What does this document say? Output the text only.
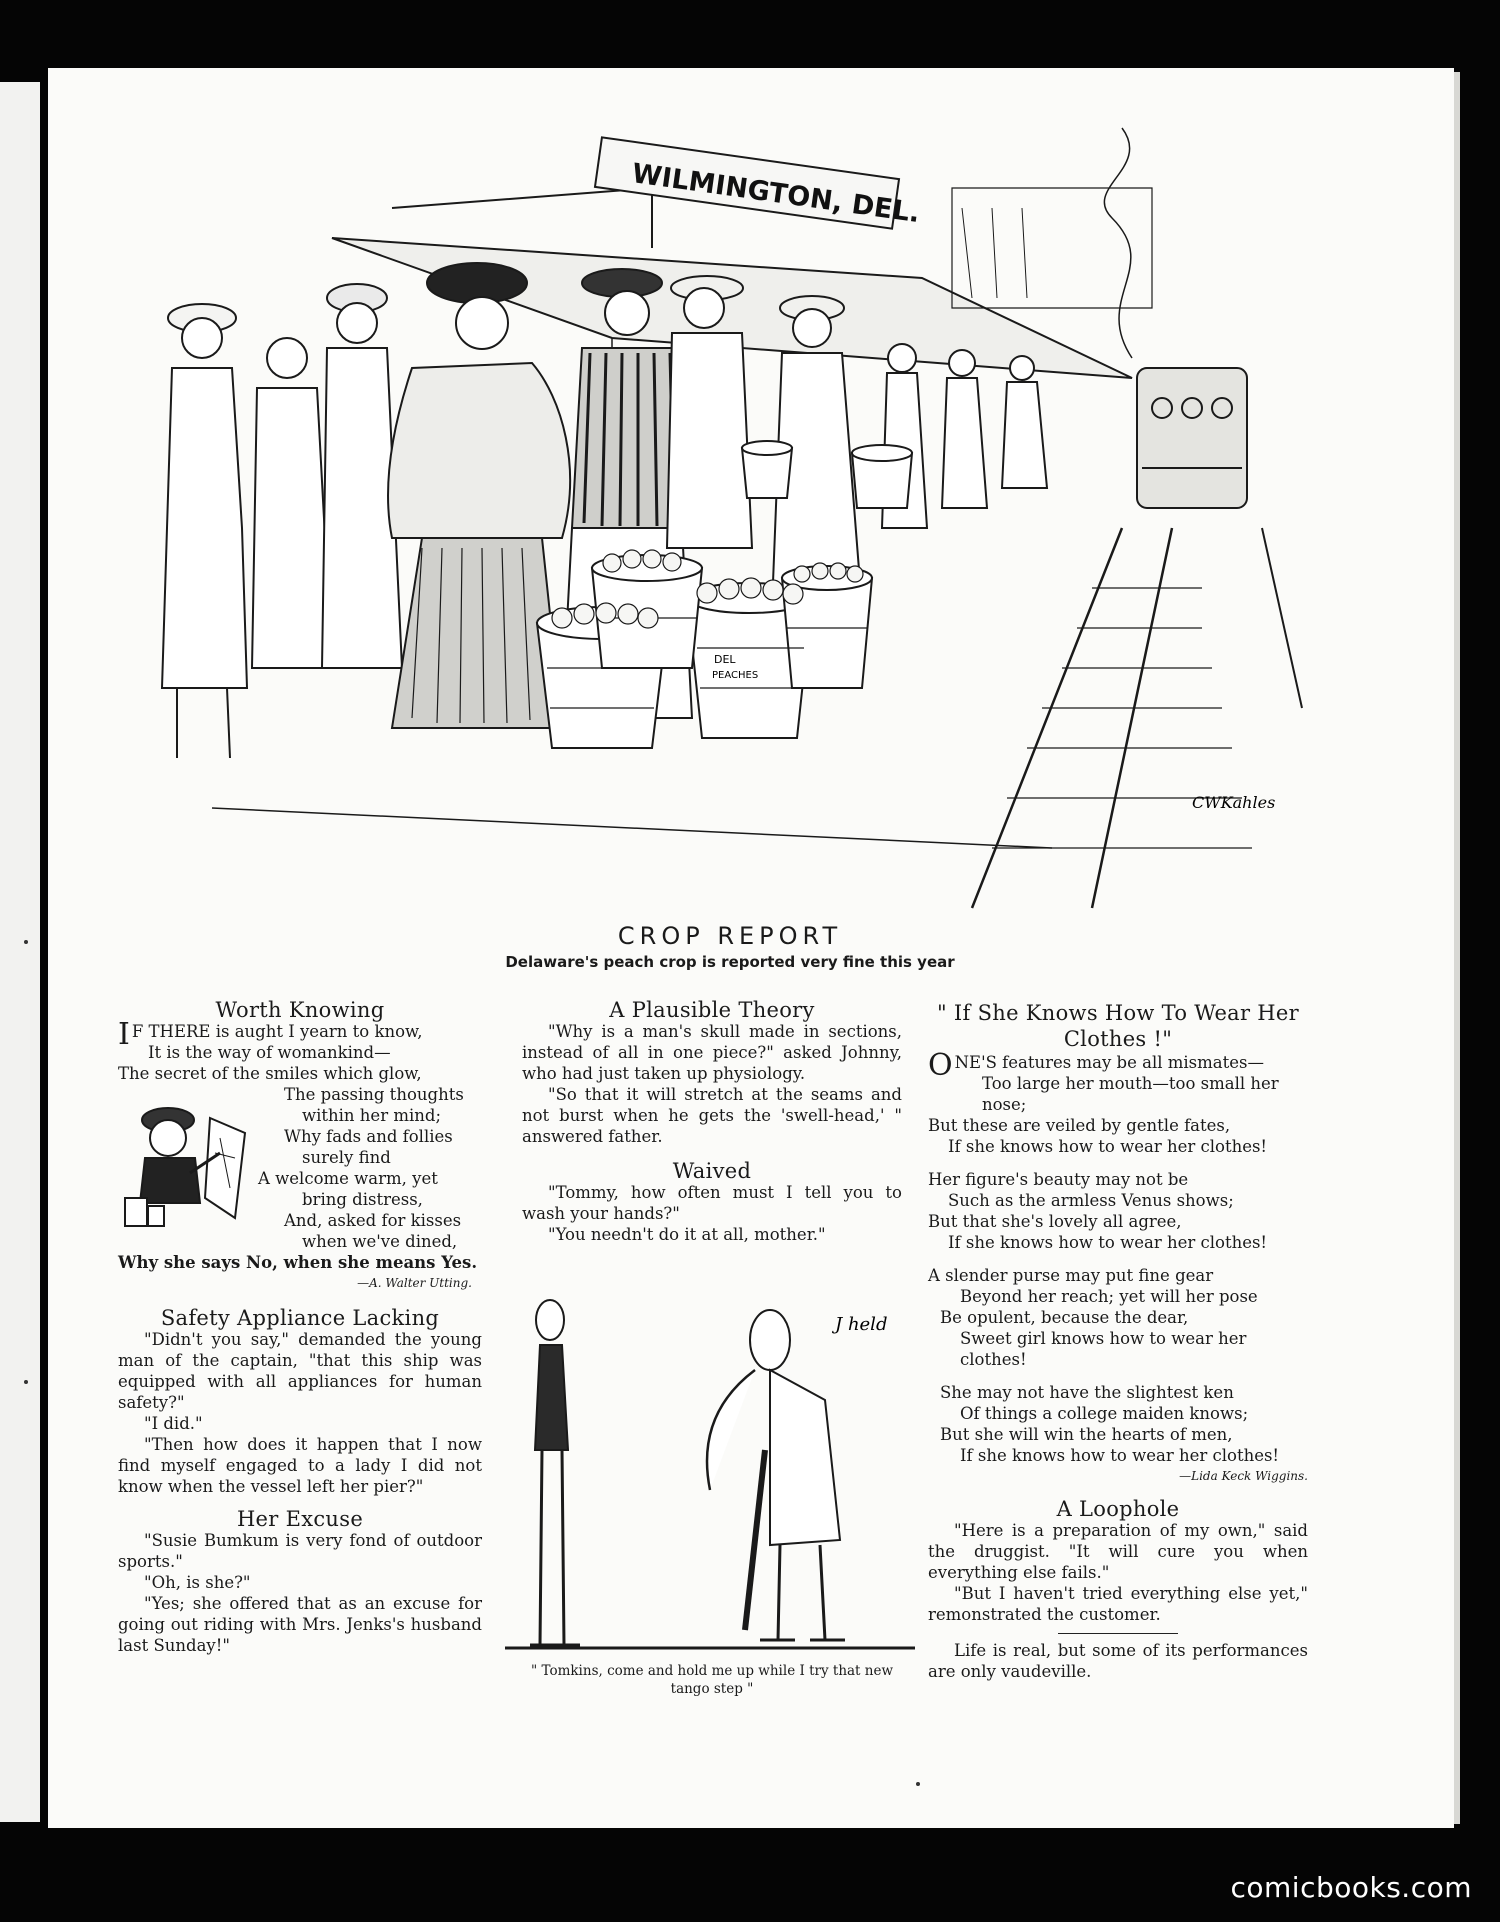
WILMINGTON, DEL.
DEL
PEACHES
CWKahles
CROP REPORT
Delaware's peach crop is reported very fine this year

Worth Knowing

I F THERE is aught I yearn to know,
It is the way of womankind—
The secret of the smiles which glow,
The passing thoughts
within her mind;
Why fads and follies
surely find
A welcome warm, yet
bring distress,
And, asked for kisses
when we've dined,
Why she says No, when she means Yes.
—A. Walter Utting.

Safety Appliance Lacking

"Didn't you say," demanded the young man of the captain, "that this ship was equipped with all appliances for human safety?"

"I did."

"Then how does it happen that I now find myself engaged to a lady I did not know when the vessel left her pier?"

Her Excuse

"Susie Bumkum is very fond of outdoor sports."

"Oh, is she?"

"Yes; she offered that as an excuse for going out riding with Mrs. Jenks's husband last Sunday!"

A Plausible Theory

"Why is a man's skull made in sections, instead of all in one piece?" asked Johnny, who had just taken up physiology.

"So that it will stretch at the seams and not burst when he gets the 'swell-head,' " answered father.

Waived

"Tommy, how often must I tell you to wash your hands?"

"You needn't do it at all, mother."

J held
" Tomkins, come and hold me up while I try that new tango step "

" If She Knows How To Wear Her Clothes !"

ONE'S features may be all mismates—
Too large her mouth—too small her nose;
But these are veiled by gentle fates,
If she knows how to wear her clothes!
Her figure's beauty may not be
Such as the armless Venus shows;
But that she's lovely all agree,
If she knows how to wear her clothes!
A slender purse may put fine gear
Beyond her reach; yet will her pose
Be opulent, because the dear,
Sweet girl knows how to wear her clothes!
She may not have the slightest ken
Of things a college maiden knows;
But she will win the hearts of men,
If she knows how to wear her clothes!
—Lida Keck Wiggins.

A Loophole

"Here is a preparation of my own," said the druggist. "It will cure you when everything else fails."

"But I haven't tried everything else yet," remonstrated the customer.

Life is real, but some of its performances are only vaudeville.

comicbooks.com
